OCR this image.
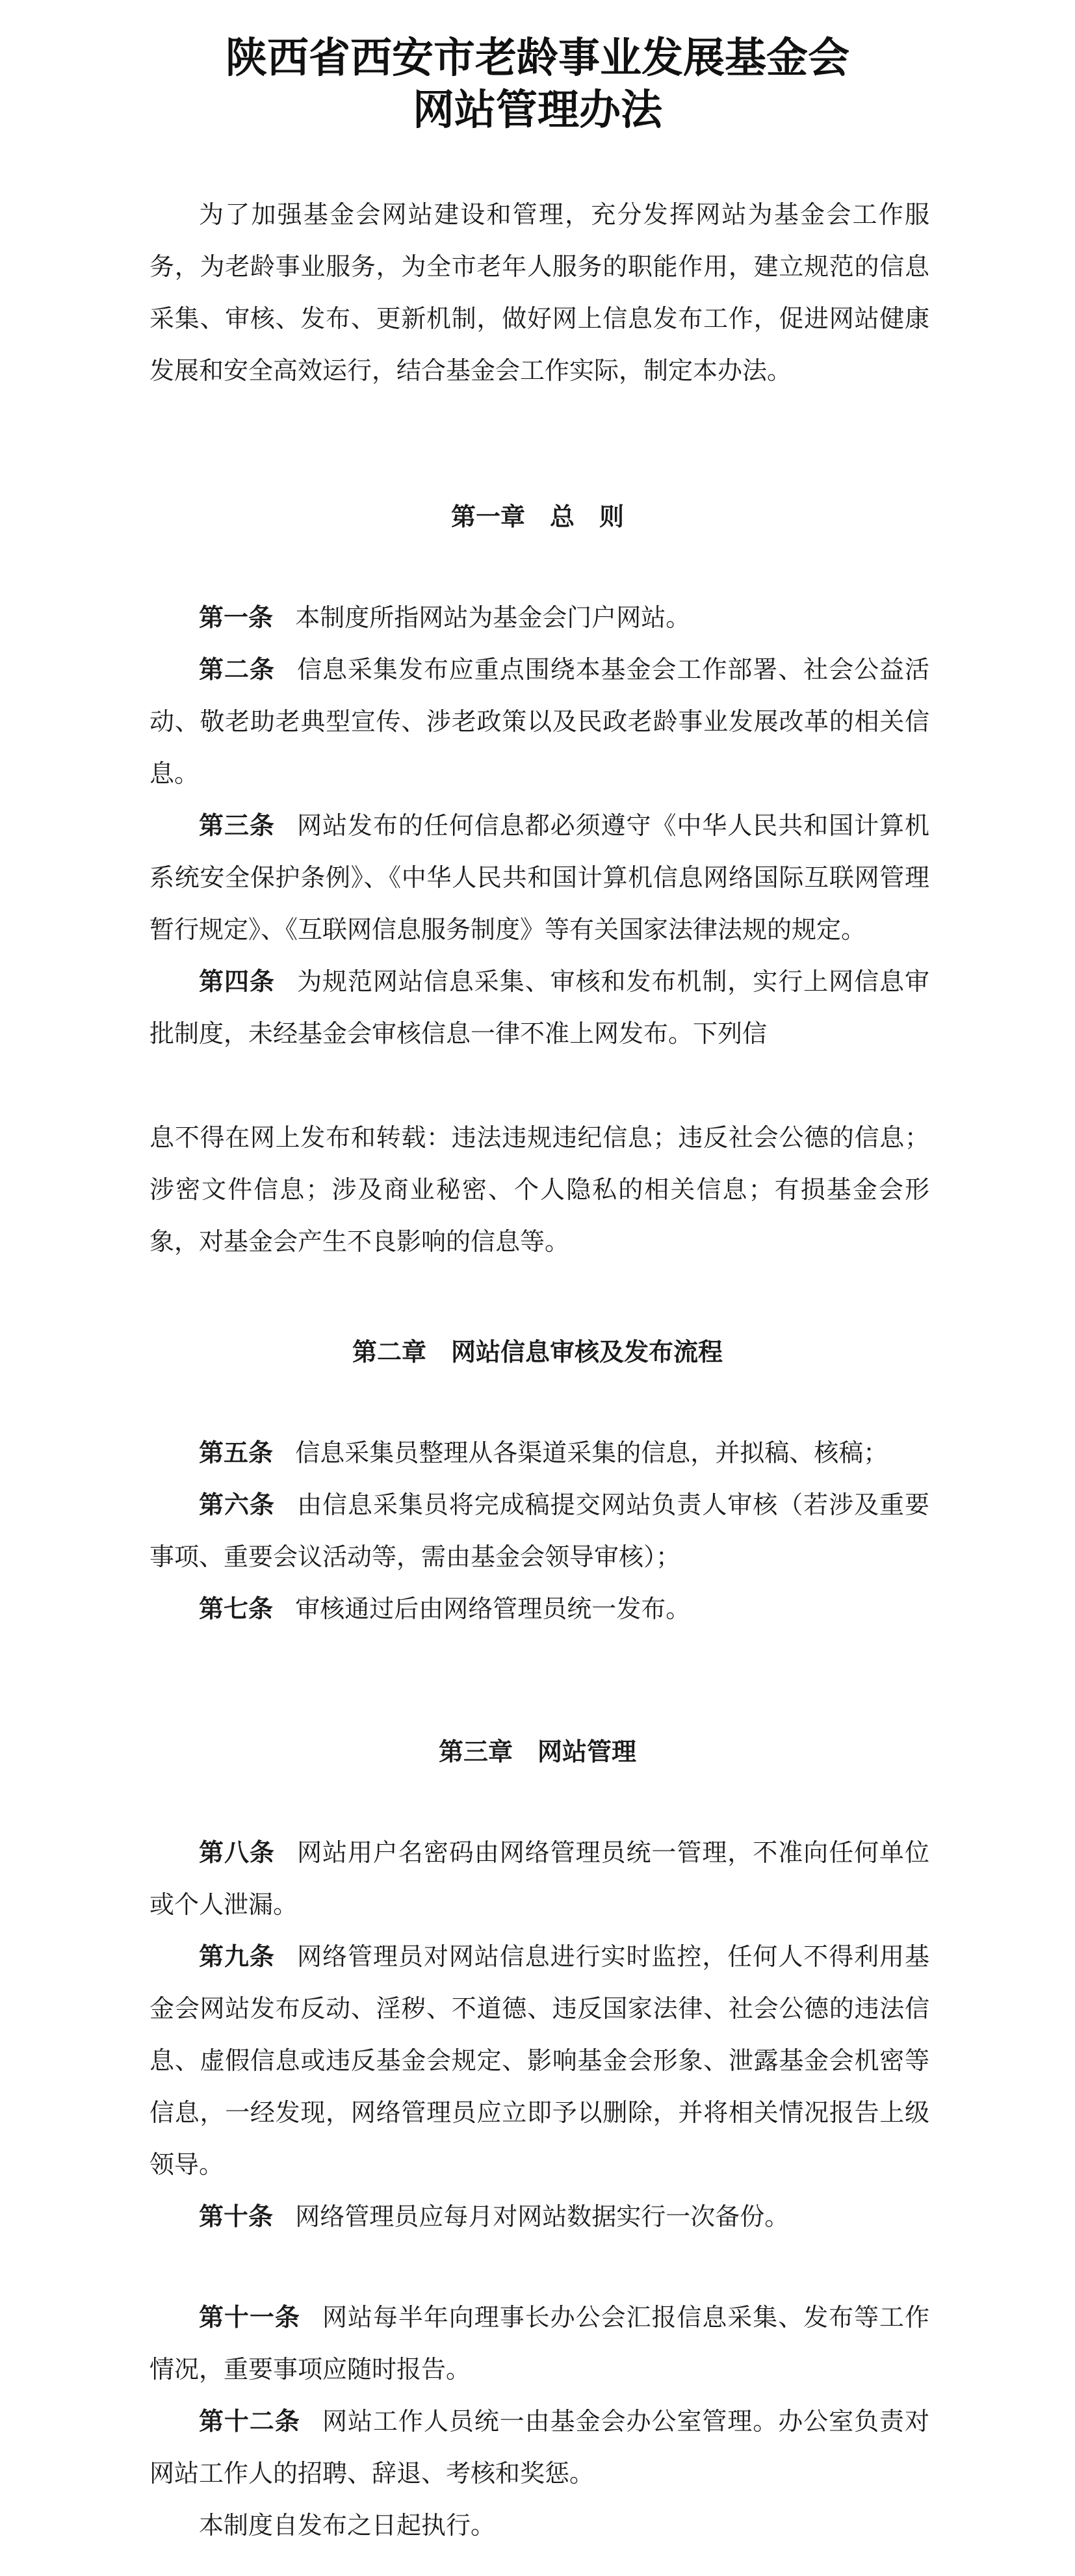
陕西省西安市老龄事业发展基金会
网站管理办法
为了加强基金会网站建设和管理，充分发挥网站为基金会工作服务，为老龄事业服务，为全市老年人服务的职能作用，建立规范的信息采集、审核、发布、更新机制，做好网上信息发布工作，促进网站健康发展和安全高效运行，结合基金会工作实际，制定本办法。
第一章 总　则
第一条 本制度所指网站为基金会门户网站。
第二条 信息采集发布应重点围绕本基金会工作部署、社会公益活动、敬老助老典型宣传、涉老政策以及民政老龄事业发展改革的相关信息。
第三条 网站发布的任何信息都必须遵守《中华人民共和国计算机系统安全保护条例》、《中华人民共和国计算机信息网络国际互联网管理暂行规定》、《互联网信息服务制度》等有关国家法律法规的规定。
第四条 为规范网站信息采集、审核和发布机制，实行上网信息审批制度，未经基金会审核信息一律不准上网发布。下列信
息不得在网上发布和转载：违法违规违纪信息；违反社会公德的信息；涉密文件信息；涉及商业秘密、个人隐私的相关信息；有损基金会形象，对基金会产生不良影响的信息等。
第二章 网站信息审核及发布流程
第五条 信息采集员整理从各渠道采集的信息，并拟稿、核稿；
第六条 由信息采集员将完成稿提交网站负责人审核（若涉及重要事项、重要会议活动等，需由基金会领导审核）；
第七条 审核通过后由网络管理员统一发布。
第三章 网站管理
第八条 网站用户名密码由网络管理员统一管理，不准向任何单位或个人泄漏。
第九条 网络管理员对网站信息进行实时监控，任何人不得利用基金会网站发布反动、淫秽、不道德、违反国家法律、社会公德的违法信息、虚假信息或违反基金会规定、影响基金会形象、泄露基金会机密等信息，一经发现，网络管理员应立即予以删除，并将相关情况报告上级领导。
第十条 网络管理员应每月对网站数据实行一次备份。
第十一条 网站每半年向理事长办公会汇报信息采集、发布等工作情况，重要事项应随时报告。
第十二条 网站工作人员统一由基金会办公室管理。办公室负责对网站工作人的招聘、辞退、考核和奖惩。
本制度自发布之日起执行。
